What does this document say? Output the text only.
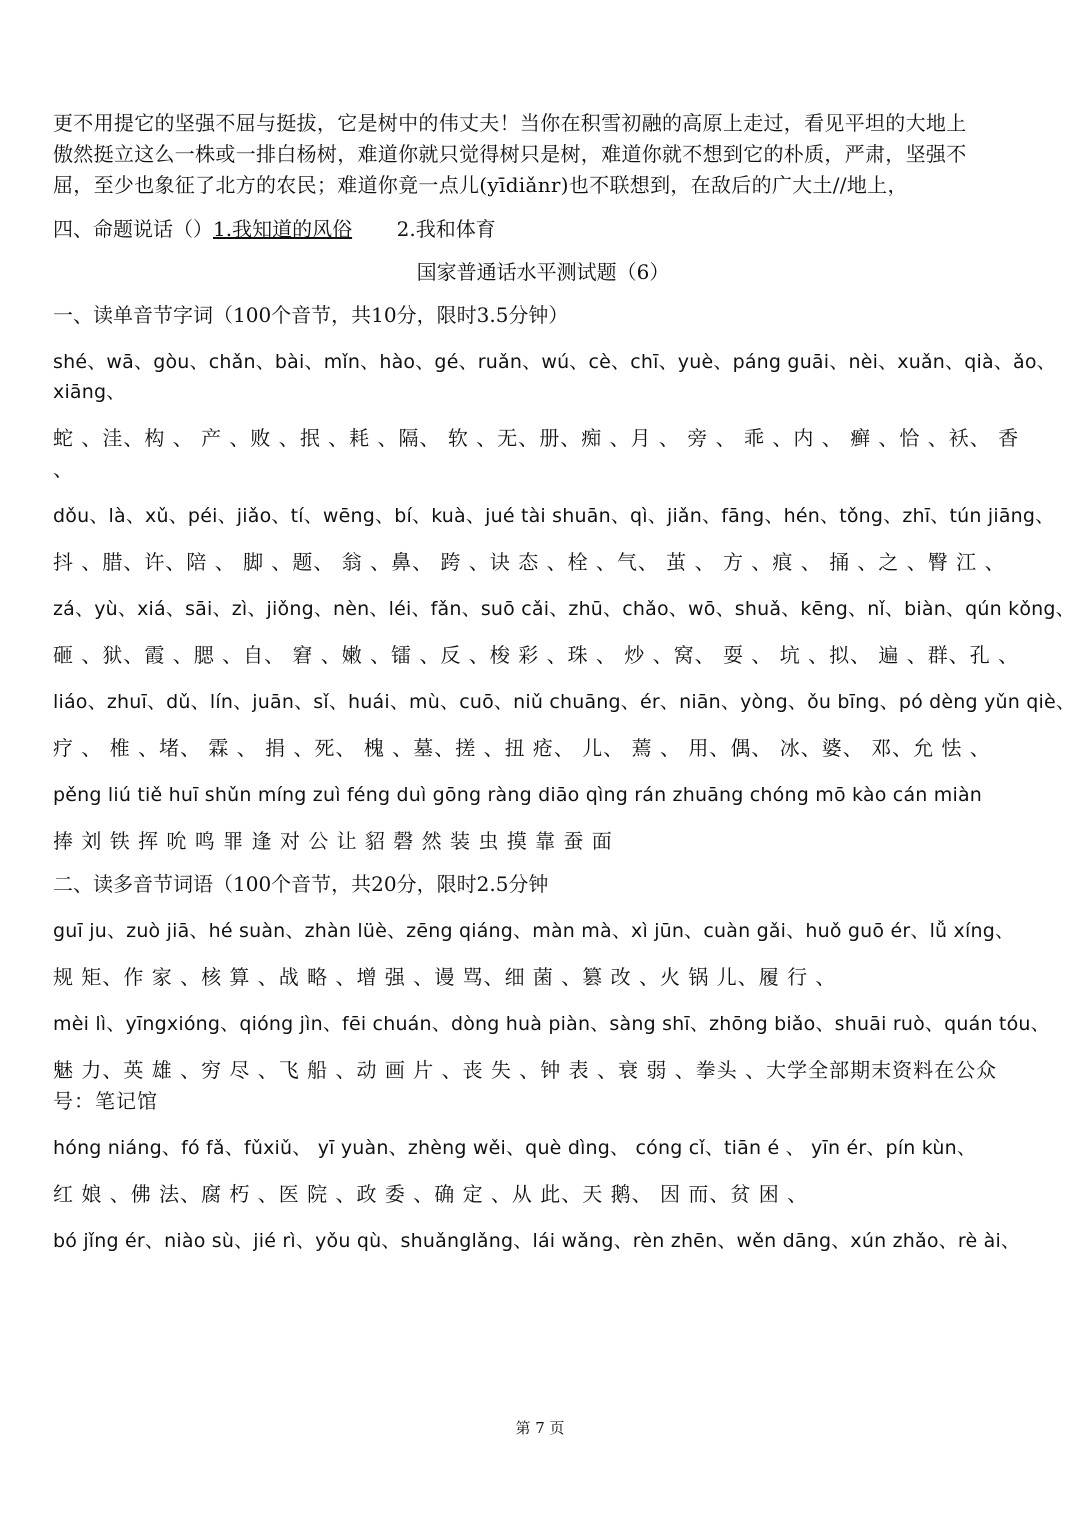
更不用提它的坚强不屈与挺拔，它是树中的伟丈夫！当你在积雪初融的高原上走过，看见平坦的大地上

傲然挺立这么一株或一排白杨树，难道你就只觉得树只是树，难道你就不想到它的朴质，严肃，坚强不

屈，至少也象征了北方的农民；难道你竟一点儿(yīdiǎnr)也不联想到，在敌后的广大土//地上，

四、命题说话（）1.我知道的风俗 2.我和体育
国家普通话水平测试题（6）
一、读单音节字词（100个音节，共10分，限时3.5分钟）
shé、wā、gòu、chǎn、bài、mǐn、hào、gé、ruǎn、wú、cè、chī、yuè、páng guāi、nèi、xuǎn、qià、ǎo、
xiāng、
蛇 、洼、构 、 产 、败 、抿 、耗 、隔、 软 、无、册、痴 、月 、 旁 、 乖 、内 、 癣 、恰 、袄、 香 、
dǒu、là、xǔ、péi、jiǎo、tí、wēng、bí、kuà、jué tài shuān、qì、jiǎn、fāng、hén、tǒng、zhī、tún jiāng、
抖 、腊、许、陪 、 脚 、题、 翁 、鼻、 跨 、诀 态 、栓 、气、 茧 、 方 、痕 、 捅 、之 、臀 江 、
zá、yù、xiá、sāi、zì、jiǒng、nèn、léi、fǎn、suō cǎi、zhū、chǎo、wō、shuǎ、kēng、nǐ、biàn、qún kǒng、
砸 、狱、霞 、腮 、自、 窘 、嫩 、镭 、反 、梭 彩 、珠 、 炒 、窝、 耍 、 坑 、拟、 遍 、群、孔 、
liáo、zhuī、dǔ、lín、juān、sǐ、huái、mù、cuō、niǔ chuāng、ér、niān、yòng、ǒu bīng、pó dèng yǔn qiè、
疗 、 椎 、堵、 霖 、 捐 、死、 槐 、墓、搓 、扭 疮、 儿、 蔫 、 用、偶、 冰、婆、 邓、允 怯 、
pěng liú tiě huī shǔn míng zuì féng duì gōng ràng diāo qìng rán zhuāng chóng mō kào cán miàn
捧 刘 铁 挥 吮 鸣 罪 逢 对 公 让 貂 磬 然 装 虫 摸 靠 蚕 面
二、读多音节词语（100个音节，共20分，限时2.5分钟
guī ju、zuò jiā、hé suàn、zhàn lüè、zēng qiáng、màn mà、xì jūn、cuàn gǎi、huǒ guō ér、lǚ xíng、
规 矩、作 家 、核 算 、战 略 、增 强 、谩 骂、细 菌 、篡 改 、火 锅 儿、履 行 、
mèi lì、yīngxióng、qióng jìn、fēi chuán、dòng huà piàn、sàng shī、zhōng biǎo、shuāi ruò、quán tóu、
魅 力、英 雄 、穷 尽 、飞 船 、动 画 片 、丧 失 、钟 表 、衰 弱 、拳头 、大学全部期末资料在公众号：笔记馆
hóng niáng、fó fǎ、fǔxiǔ、 yī yuàn、zhèng wěi、què dìng、 cóng cǐ、tiān é 、 yīn ér、pín kùn、
红 娘 、佛 法、腐 朽 、医 院 、政 委 、确 定 、从 此、天 鹅、 因 而、贫 困 、
bó jǐng ér、niào sù、jié rì、yǒu qù、shuǎnglǎng、lái wǎng、rèn zhēn、wěn dāng、xún zhǎo、rè ài、
第 7 页
